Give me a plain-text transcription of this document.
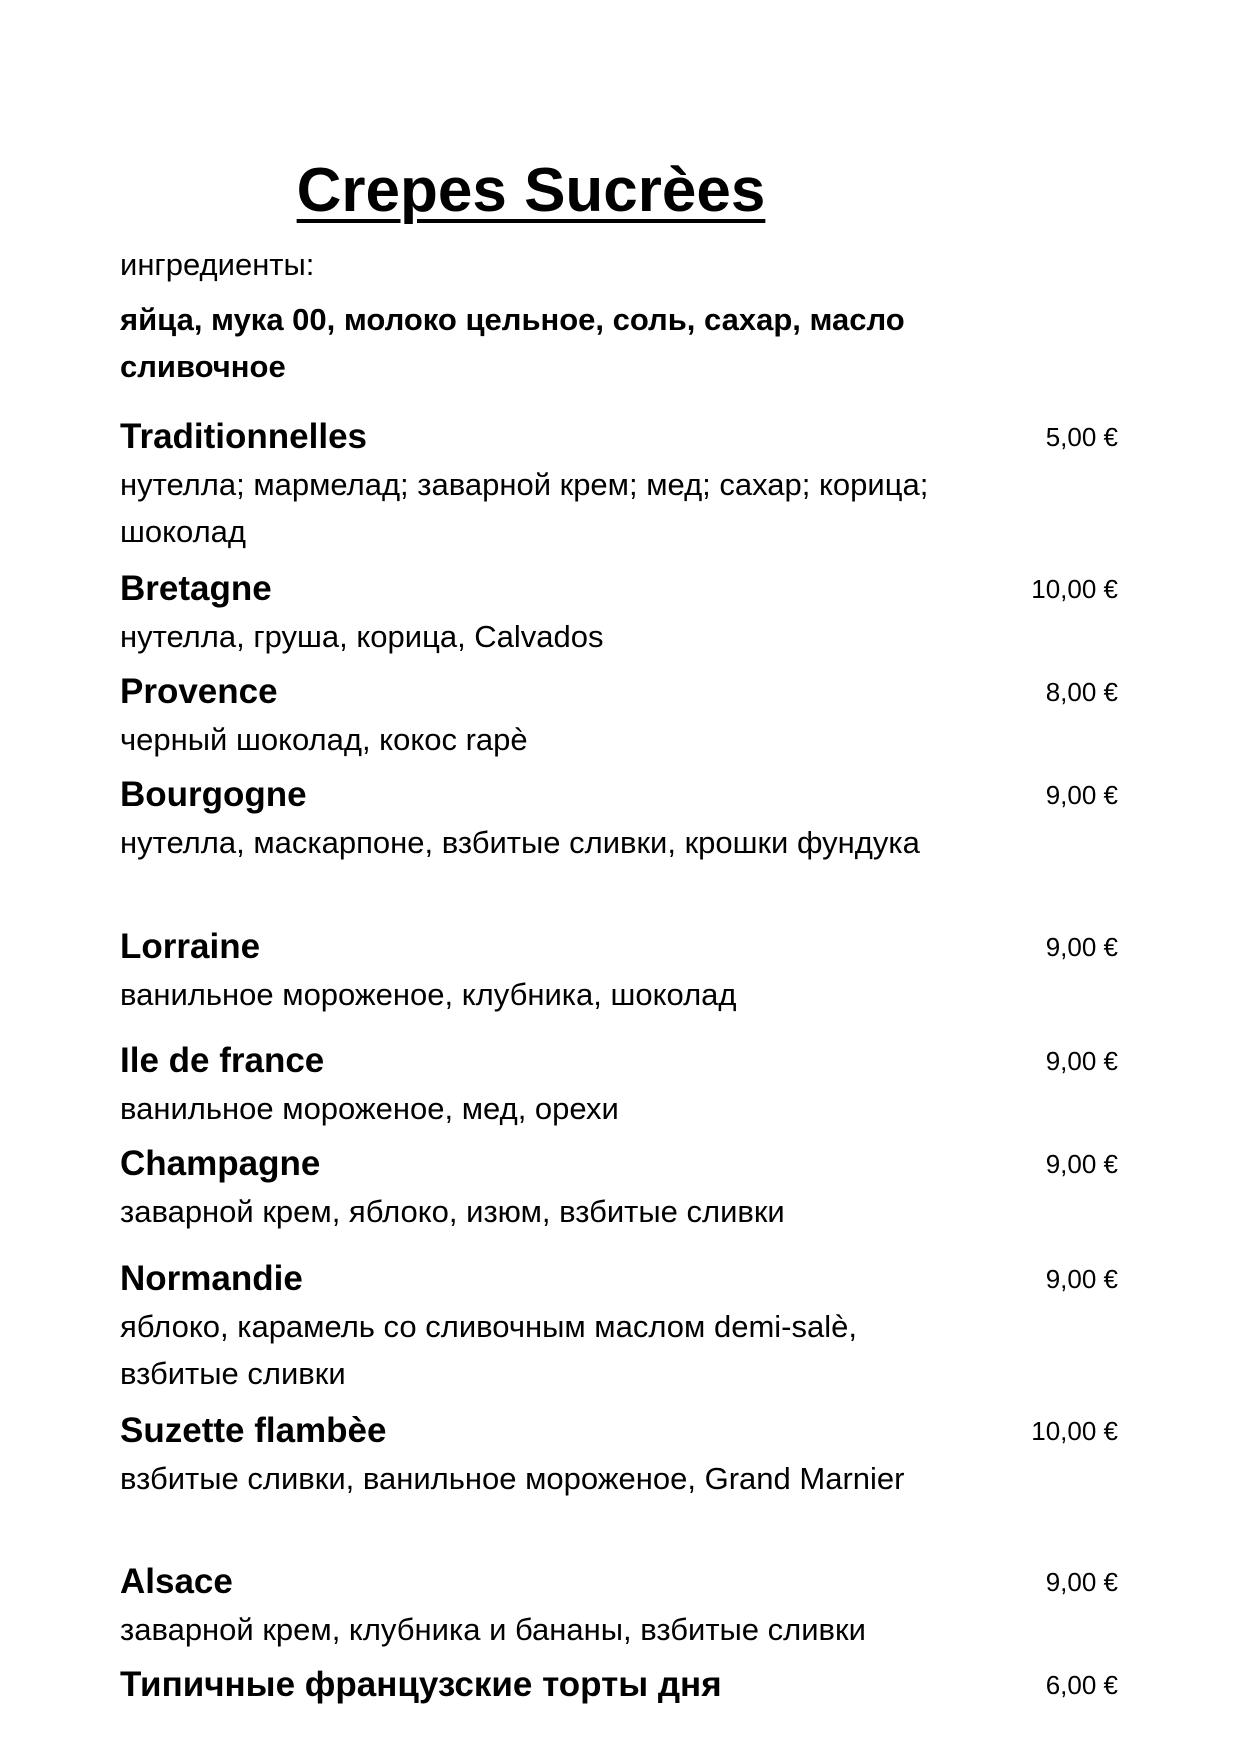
Crepes Sucrèes
ингредиенты:
яйца, мука 00, молоко цельное, соль, сахар, масло сливочное
Traditionnelles	5,00 €
нутелла; мармелад; заварной крем; мед; сахар; корица; шоколад
Bretagne	10,00 €
нутелла, груша, корица, Calvados
Provence	8,00 €
черный шоколад, кокос rapè
Bourgogne	9,00 €
нутелла, маскарпоне, взбитые сливки, крошки фундука
Lorraine	9,00 €
ванильное мороженое, клубника, шоколад
Ile de france	9,00 €
ванильное мороженое, мед, орехи
Champagne	9,00 €
заварной крем, яблоко, изюм, взбитые сливки
Normandie	9,00 €
яблоко, карамель со сливочным маслом demi-salè, взбитые сливки
Suzette flambèe	10,00 €
взбитые сливки, ванильное мороженое, Grand Marnier
Alsace	9,00 €
заварной крем, клубника и бананы, взбитые сливки
Типичные французские торты дня	6,00 €
